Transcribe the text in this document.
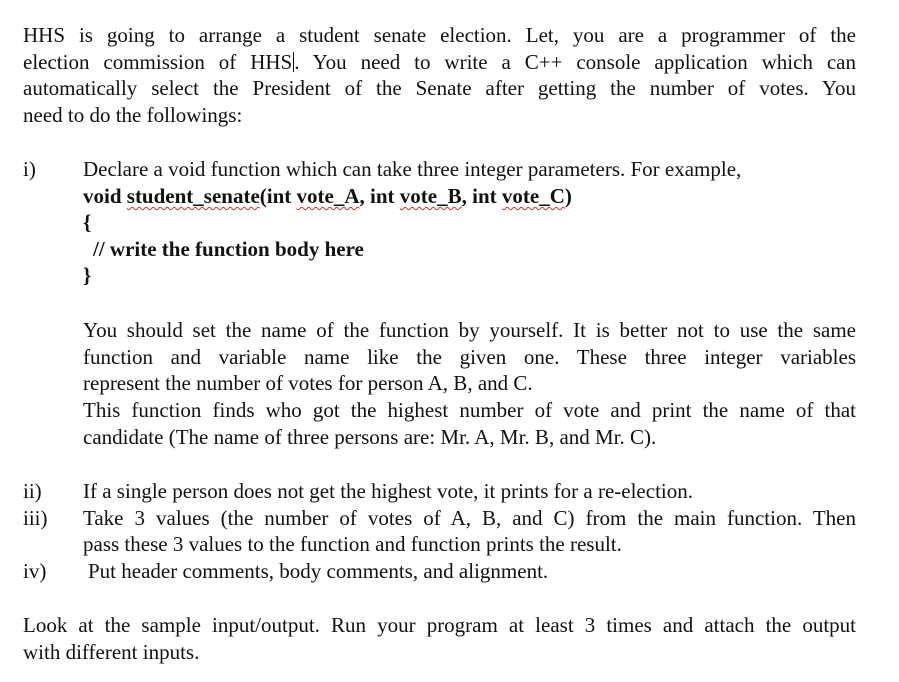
HHS is going to arrange a student senate election. Let, you are a programmer of the
election commission of HHS. You need to write a C++ console application which can
automatically select the President of the Senate after getting the number of votes. You
need to do the followings:
i) Declare a void function which can take three integer parameters. For example,
void student_senate(int vote_A, int vote_B, int vote_C)
{
// write the function body here
}
You should set the name of the function by yourself. It is better not to use the same
function and variable name like the given one. These three integer variables
represent the number of votes for person A, B, and C.
This function finds who got the highest number of vote and print the name of that
candidate (The name of three persons are: Mr. A, Mr. B, and Mr. C).
ii) If a single person does not get the highest vote, it prints for a re-election.
iii) Take 3 values (the number of votes of A, B, and C) from the main function. Then
pass these 3 values to the function and function prints the result.
iv) Put header comments, body comments, and alignment.
Look at the sample input/output. Run your program at least 3 times and attach the output
with different inputs.
